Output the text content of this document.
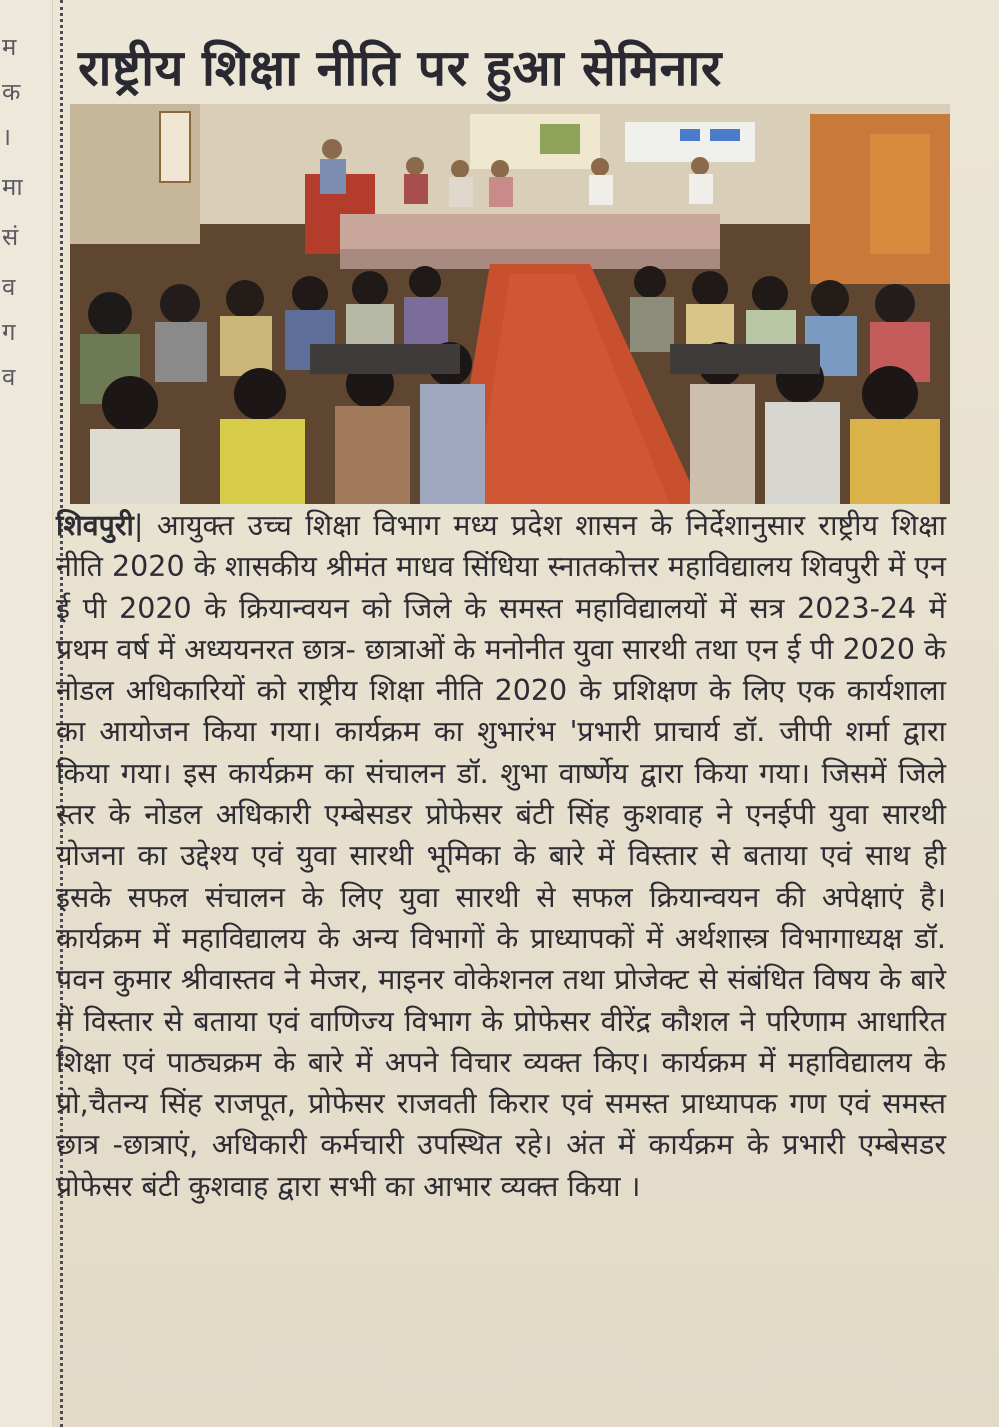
म
क
।
मा
सं
व
ग
व
राष्ट्रीय शिक्षा नीति पर हुआ सेमिनार

शिवपुरी| आयुक्त उच्च शिक्षा विभाग मध्य प्रदेश शासन के निर्देशानुसार राष्ट्रीय शिक्षा नीति 2020 के शासकीय श्रीमंत माधव सिंधिया स्नातकोत्तर महाविद्यालय शिवपुरी में एन ई पी 2020 के क्रियान्वयन को जिले के समस्त महाविद्यालयों में सत्र 2023-24 में प्रथम वर्ष में अध्ययनरत छात्र- छात्राओं के मनोनीत युवा सारथी तथा एन ई पी 2020 के नोडल अधिकारियों को राष्ट्रीय शिक्षा नीति 2020 के प्रशिक्षण के लिए एक कार्यशाला का आयोजन किया गया। कार्यक्रम का शुभारंभ 'प्रभारी प्राचार्य डॉ. जीपी शर्मा द्वारा किया गया। इस कार्यक्रम का संचालन डॉ. शुभा वार्ष्णेय द्वारा किया गया। जिसमें जिले स्तर के नोडल अधिकारी एम्बेसडर प्रोफेसर बंटी सिंह कुशवाह ने एनईपी युवा सारथी योजना का उद्देश्य एवं युवा सारथी भूमिका के बारे में विस्तार से बताया एवं साथ ही इसके सफल संचालन के लिए युवा सारथी से सफल क्रियान्वयन की अपेक्षाएं है। कार्यक्रम में महाविद्यालय के अन्य विभागों के प्राध्यापकों में अर्थशास्त्र विभागाध्यक्ष डॉ. पवन कुमार श्रीवास्तव ने मेजर, माइनर वोकेशनल तथा प्रोजेक्ट से संबंधित विषय के बारे में विस्तार से बताया एवं वाणिज्य विभाग के प्रोफेसर वीरेंद्र कौशल ने परिणाम आधारित शिक्षा एवं पाठ्यक्रम के बारे में अपने विचार व्यक्त किए। कार्यक्रम में महाविद्यालय के प्रो,चैतन्य सिंह राजपूत, प्रोफेसर राजवती किरार एवं समस्त प्राध्यापक गण एवं समस्त छात्र -छात्राएं, अधिकारी कर्मचारी उपस्थित रहे। अंत में कार्यक्रम के प्रभारी एम्बेसडर प्रोफेसर बंटी कुशवाह द्वारा सभी का आभार व्यक्त किया ।
